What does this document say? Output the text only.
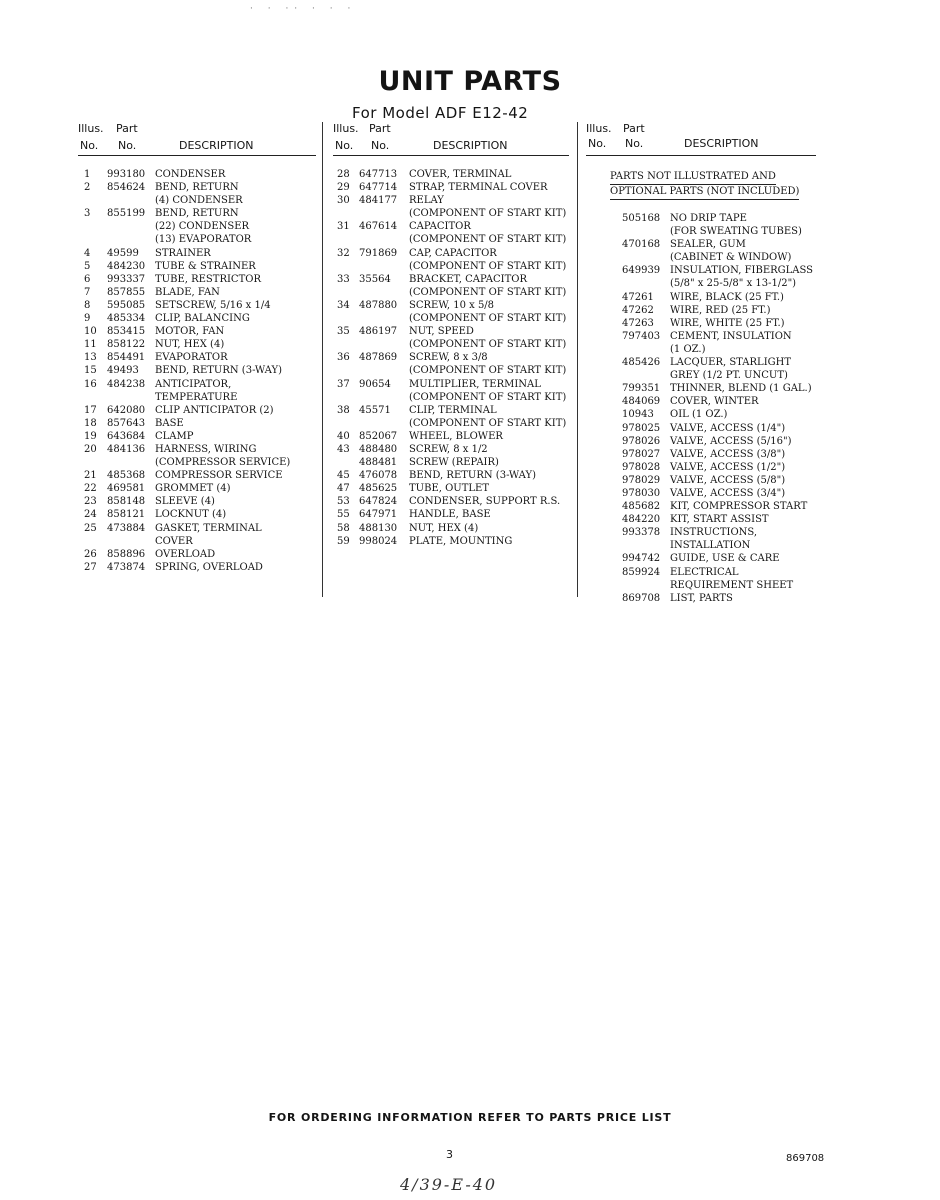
· · ·· · · ·
UNIT PARTS
For Model ADF E12-42
Illus. Part
No. No.	DESCRIPTION
1 993180 CONDENSER
2 854624 BEND, RETURN
(4) CONDENSER
3 855199 BEND, RETURN
(22) CONDENSER
(13) EVAPORATOR
4 49599 STRAINER
5 484230 TUBE & STRAINER
6 993337 TUBE, RESTRICTOR
7 857855 BLADE, FAN
8 595085 SETSCREW, 5/16 x 1/4
9 485334 CLIP, BALANCING
10 853415 MOTOR, FAN
11 858122 NUT, HEX (4)
13 854491 EVAPORATOR
15 49493 BEND, RETURN (3-WAY)
16 484238 ANTICIPATOR,
TEMPERATURE
17 642080 CLIP ANTICIPATOR (2)
18 857643 BASE
19 643684 CLAMP
20 484136 HARNESS, WIRING
(COMPRESSOR SERVICE)
21 485368 COMPRESSOR SERVICE
22 469581 GROMMET (4)
23 858148 SLEEVE (4)
24 858121 LOCKNUT (4)
25 473884 GASKET, TERMINAL
COVER
26 858896 OVERLOAD
27 473874 SPRING, OVERLOAD
Illus. Part
No. No.	DESCRIPTION
28 647713 COVER, TERMINAL
29 647714 STRAP, TERMINAL COVER
30 484177 RELAY
(COMPONENT OF START KIT)
31 467614 CAPACITOR
(COMPONENT OF START KIT)
32 791869 CAP, CAPACITOR
(COMPONENT OF START KIT)
33 35564 BRACKET, CAPACITOR
(COMPONENT OF START KIT)
34 487880 SCREW, 10 x 5/8
(COMPONENT OF START KIT)
35 486197 NUT, SPEED
(COMPONENT OF START KIT)
36 487869 SCREW, 8 x 3/8
(COMPONENT OF START KIT)
37 90654 MULTIPLIER, TERMINAL
(COMPONENT OF START KIT)
38 45571 CLIP, TERMINAL
(COMPONENT OF START KIT)
40 852067 WHEEL, BLOWER
43 488480 SCREW, 8 x 1/2
488481 SCREW (REPAIR)
45 476078 BEND, RETURN (3-WAY)
47 485625 TUBE, OUTLET
53 647824 CONDENSER, SUPPORT R.S.
55 647971 HANDLE, BASE
58 488130 NUT, HEX (4)
59 998024 PLATE, MOUNTING
Illus. Part
No. No.	DESCRIPTION
PARTS NOT ILLUSTRATED AND
OPTIONAL PARTS (NOT INCLUDED)
505168 NO DRIP TAPE
(FOR SWEATING TUBES)
470168 SEALER, GUM
(CABINET & WINDOW)
649939 INSULATION, FIBERGLASS
(5/8" x 25-5/8" x 13-1/2")
47261 WIRE, BLACK (25 FT.)
47262 WIRE, RED (25 FT.)
47263 WIRE, WHITE (25 FT.)
797403 CEMENT, INSULATION
(1 OZ.)
485426 LACQUER, STARLIGHT
GREY (1/2 PT. UNCUT)
799351 THINNER, BLEND (1 GAL.)
484069 COVER, WINTER
10943 OIL (1 OZ.)
978025 VALVE, ACCESS (1/4")
978026 VALVE, ACCESS (5/16")
978027 VALVE, ACCESS (3/8")
978028 VALVE, ACCESS (1/2")
978029 VALVE, ACCESS (5/8")
978030 VALVE, ACCESS (3/4")
485682 KIT, COMPRESSOR START
484220 KIT, START ASSIST
993378 INSTRUCTIONS,
INSTALLATION
994742 GUIDE, USE & CARE
859924 ELECTRICAL
REQUIREMENT SHEET
869708 LIST, PARTS
FOR ORDERING INFORMATION REFER TO PARTS PRICE LIST
3	869708
4/39-E-40
